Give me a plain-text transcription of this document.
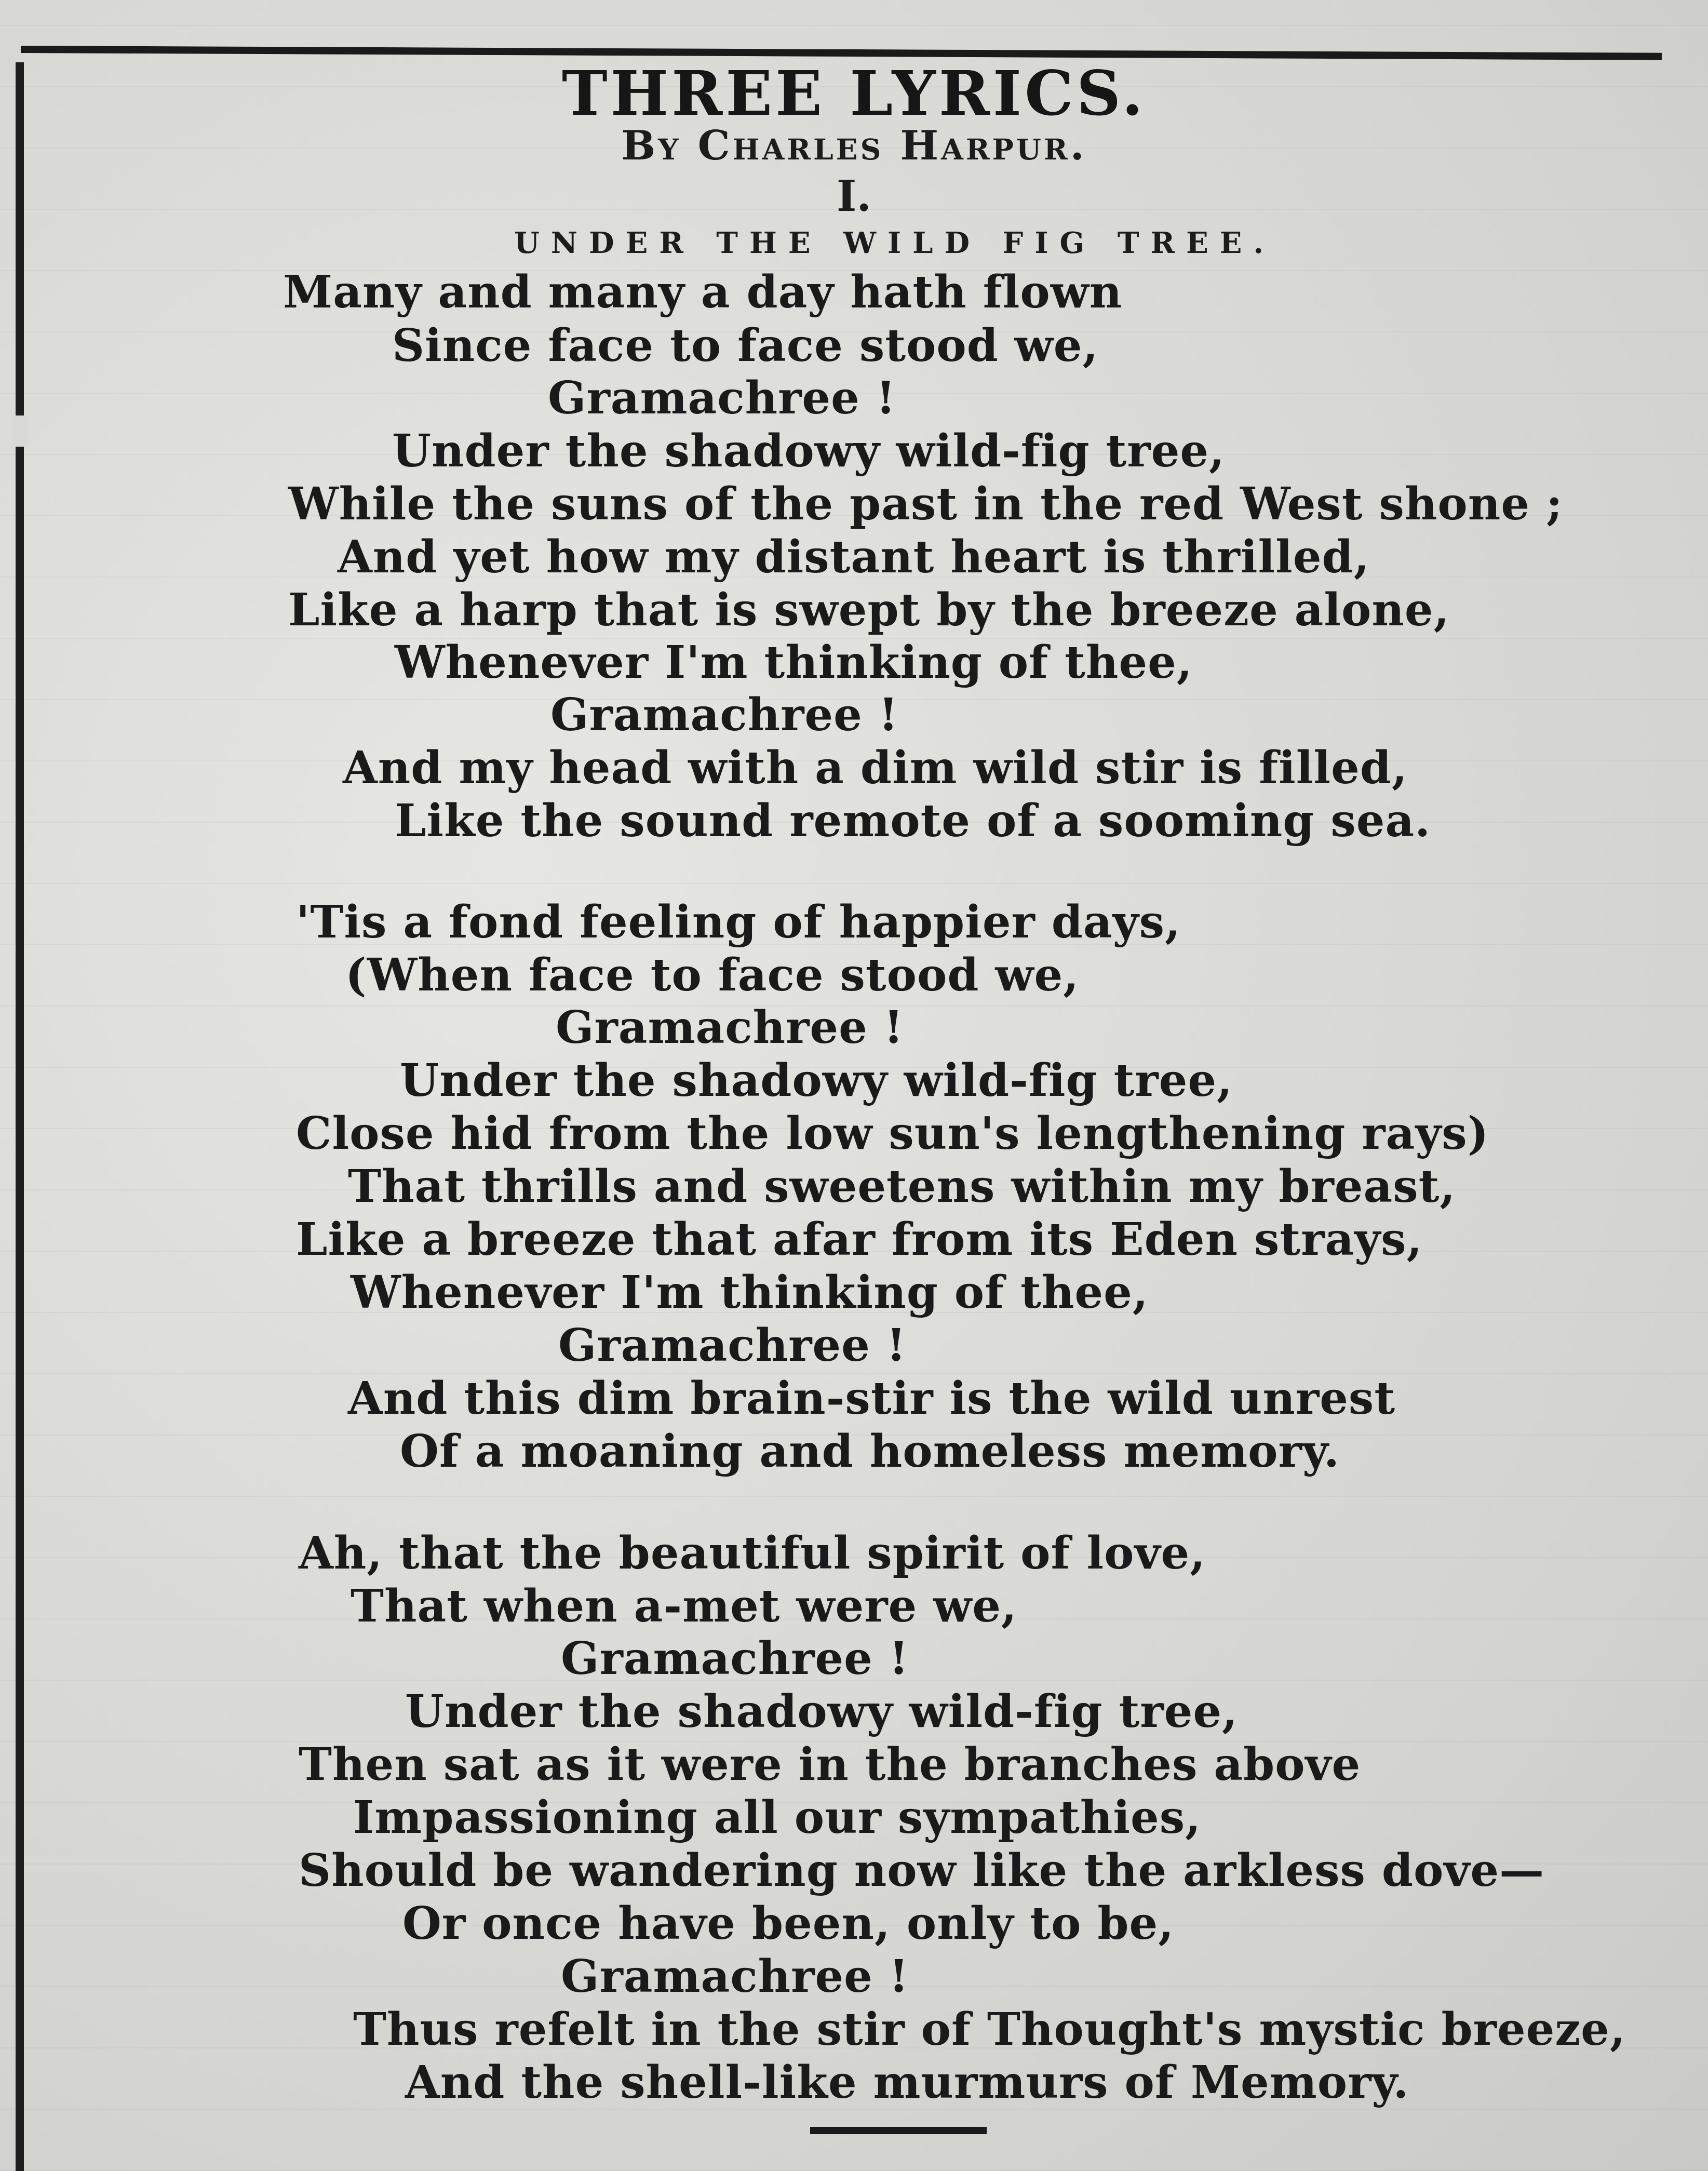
THREE LYRICS.
By Charles Harpur.
I.
UNDER THE WILD FIG TREE.
Many and many a day hath flown
Since face to face stood we,
Gramachree !
Under the shadowy wild-fig tree,
While the suns of the past in the red West shone ;
And yet how my distant heart is thrilled,
Like a harp that is swept by the breeze alone,
Whenever I'm thinking of thee,
Gramachree !
And my head with a dim wild stir is filled,
Like the sound remote of a sooming sea.
'Tis a fond feeling of happier days,
(When face to face stood we,
Gramachree !
Under the shadowy wild-fig tree,
Close hid from the low sun's lengthening rays)
That thrills and sweetens within my breast,
Like a breeze that afar from its Eden strays,
Whenever I'm thinking of thee,
Gramachree !
And this dim brain-stir is the wild unrest
Of a moaning and homeless memory.
Ah, that the beautiful spirit of love,
That when a-met were we,
Gramachree !
Under the shadowy wild-fig tree,
Then sat as it were in the branches above
Impassioning all our sympathies,
Should be wandering now like the arkless dove—
Or once have been, only to be,
Gramachree !
Thus refelt in the stir of Thought's mystic breeze,
And the shell-like murmurs of Memory.
